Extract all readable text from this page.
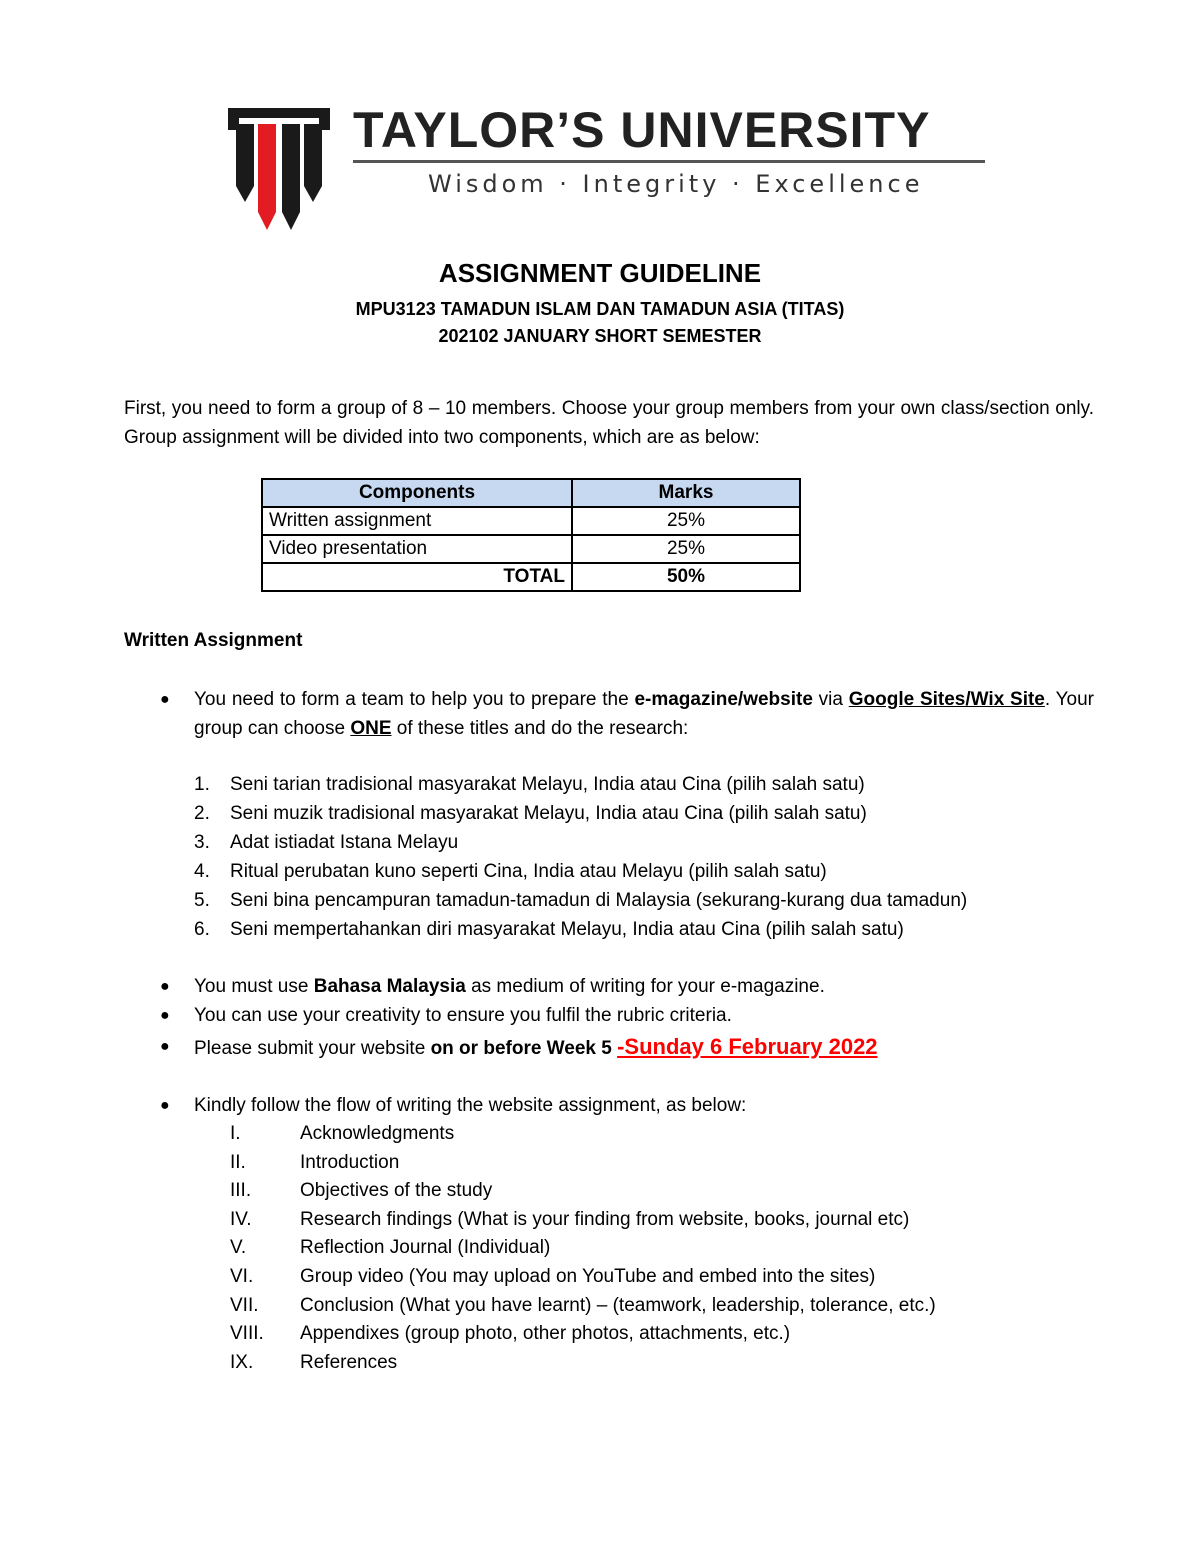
TAYLOR’S UNIVERSITY
Wisdom · Integrity · Excellence
ASSIGNMENT GUIDELINE
MPU3123 TAMADUN ISLAM DAN TAMADUN ASIA (TITAS)
202102 JANUARY SHORT SEMESTER
First, you need to form a group of 8 – 10 members. Choose your group members from your own class/section only. Group assignment will be divided into two components, which are as below:
Components	Marks
Written assignment	25%
Video presentation	25%
TOTAL	50%
Written Assignment
●	You need to form a team to help you to prepare the e-magazine/website via Google Sites/Wix Site. Your group can choose ONE of these titles and do the research:
1. Seni tarian tradisional masyarakat Melayu, India atau Cina (pilih salah satu)
2. Seni muzik tradisional masyarakat Melayu, India atau Cina (pilih salah satu)
3. Adat istiadat Istana Melayu
4. Ritual perubatan kuno seperti Cina, India atau Melayu (pilih salah satu)
5. Seni bina pencampuran tamadun-tamadun di Malaysia (sekurang-kurang dua tamadun)
6. Seni mempertahankan diri masyarakat Melayu, India atau Cina (pilih salah satu)
●	You must use Bahasa Malaysia as medium of writing for your e-magazine.
●	You can use your creativity to ensure you fulfil the rubric criteria.
●	Please submit your website on or before Week 5 -Sunday 6 February 2022
●	Kindly follow the flow of writing the website assignment, as below:
I.	Acknowledgments
II.	Introduction
III.	Objectives of the study
IV.	Research findings (What is your finding from website, books, journal etc)
V.	Reflection Journal (Individual)
VI. Group video (You may upload on YouTube and embed into the sites)
VII. Conclusion (What you have learnt) – (teamwork, leadership, tolerance, etc.)
VIII. Appendixes (group photo, other photos, attachments, etc.)
IX. References
